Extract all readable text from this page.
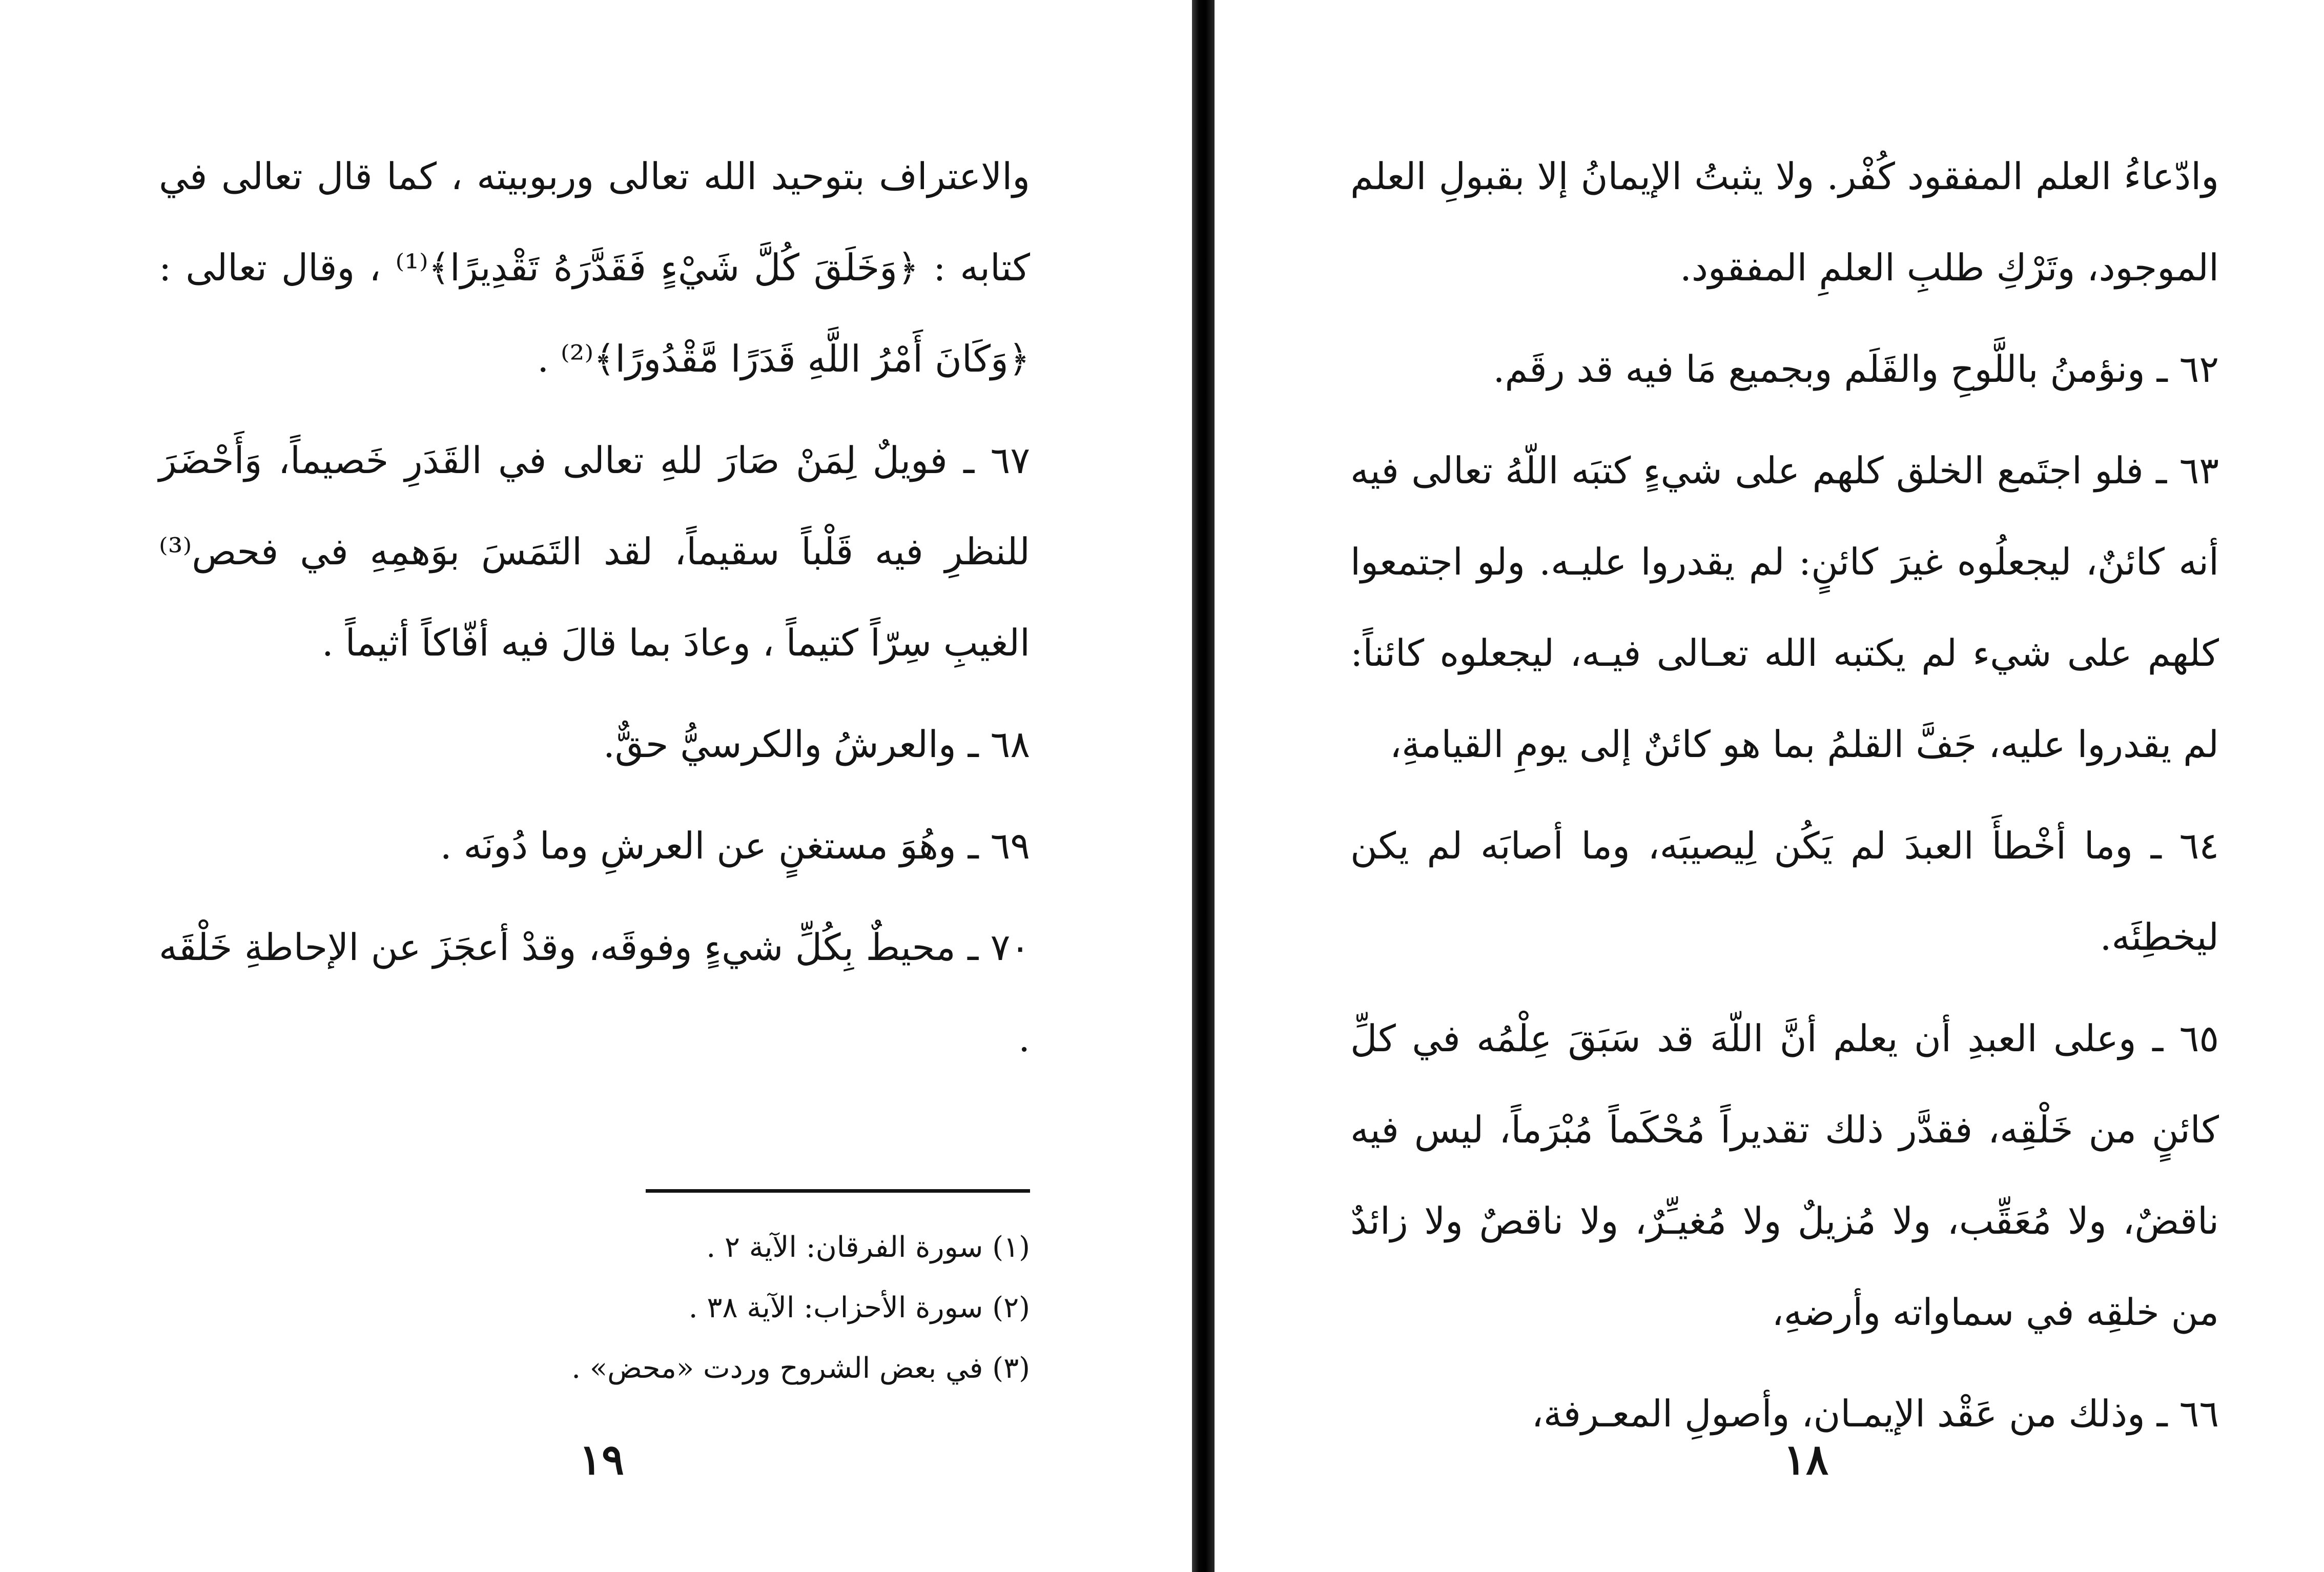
والاعتراف بتوحيد الله تعالى وربوبيته ، كما قال تعالى في كتابه : ﴿وَخَلَقَ كُلَّ شَيْءٍ فَقَدَّرَهُ تَقْدِيرًا﴾⁽¹⁾ ، وقال تعالى : ﴿وَكَانَ أَمْرُ اللَّهِ قَدَرًا مَّقْدُورًا﴾⁽²⁾ .

٦٧ ـ فويلٌ لِمَنْ صَارَ للهِ تعالى في القَدَرِ خَصيماً، وَأَحْضَرَ للنظرِ فيه قَلْباً سقيماً، لقد التَمَسَ بوَهمِهِ في فحص⁽³⁾ الغيبِ سِرّاً كتيماً ، وعادَ بما قالَ فيه أفّاكاً أثيماً .

٦٨ ـ والعرشُ والكرسيُّ حقٌّ.

٦٩ ـ وهُوَ مستغنٍ عن العرشِ وما دُونَه .

٧٠ ـ محيطٌ بِكُلِّ شيءٍ وفوقَه، وقدْ أعجَزَ عن الإحاطةِ خَلْقَه .

(١) سورة الفرقان: الآية ٢ .

(٢) سورة الأحزاب: الآية ٣٨ .

(٣) في بعض الشروح وردت «محض» .

١٩

وادّعاءُ العلم المفقود كُفْر. ولا يثبتُ الإيمانُ إلا بقبولِ العلم الموجود، وتَرْكِ طلبِ العلمِ المفقود.

٦٢ ـ ونؤمنُ باللَّوحِ والقَلَم وبجميع مَا فيه قد رقَم.

٦٣ ـ فلو اجتَمع الخلق كلهم على شيءٍ كتبَه اللّهُ تعالى فيه أنه كائنٌ، ليجعلُوه غيرَ كائنٍ: لم يقدروا عليـه. ولو اجتمعوا كلهم على شيء لم يكتبه الله تعـالى فيـه، ليجعلوه كائناً: لم يقدروا عليه، جَفَّ القلمُ بما هو كائنٌ إلى يومِ القيامةِ،

٦٤ ـ وما أخْطأَ العبدَ لم يَكُن لِيصيبَه، وما أصابَه لم يكن ليخطِئَه.

٦٥ ـ وعلى العبدِ أن يعلم أنَّ اللّهَ قد سَبَقَ عِلْمُه في كلِّ كائنٍ من خَلْقِه، فقدَّر ذلك تقديراً مُحْكَماً مُبْرَماً، ليس فيه ناقضٌ، ولا مُعَقِّب، ولا مُزيلٌ ولا مُغيـِّرٌ، ولا ناقصٌ ولا زائدٌ من خلقِه في سماواته وأرضهِ،

٦٦ ـ وذلك من عَقْد الإيمـان، وأصولِ المعـرفة،

١٨
